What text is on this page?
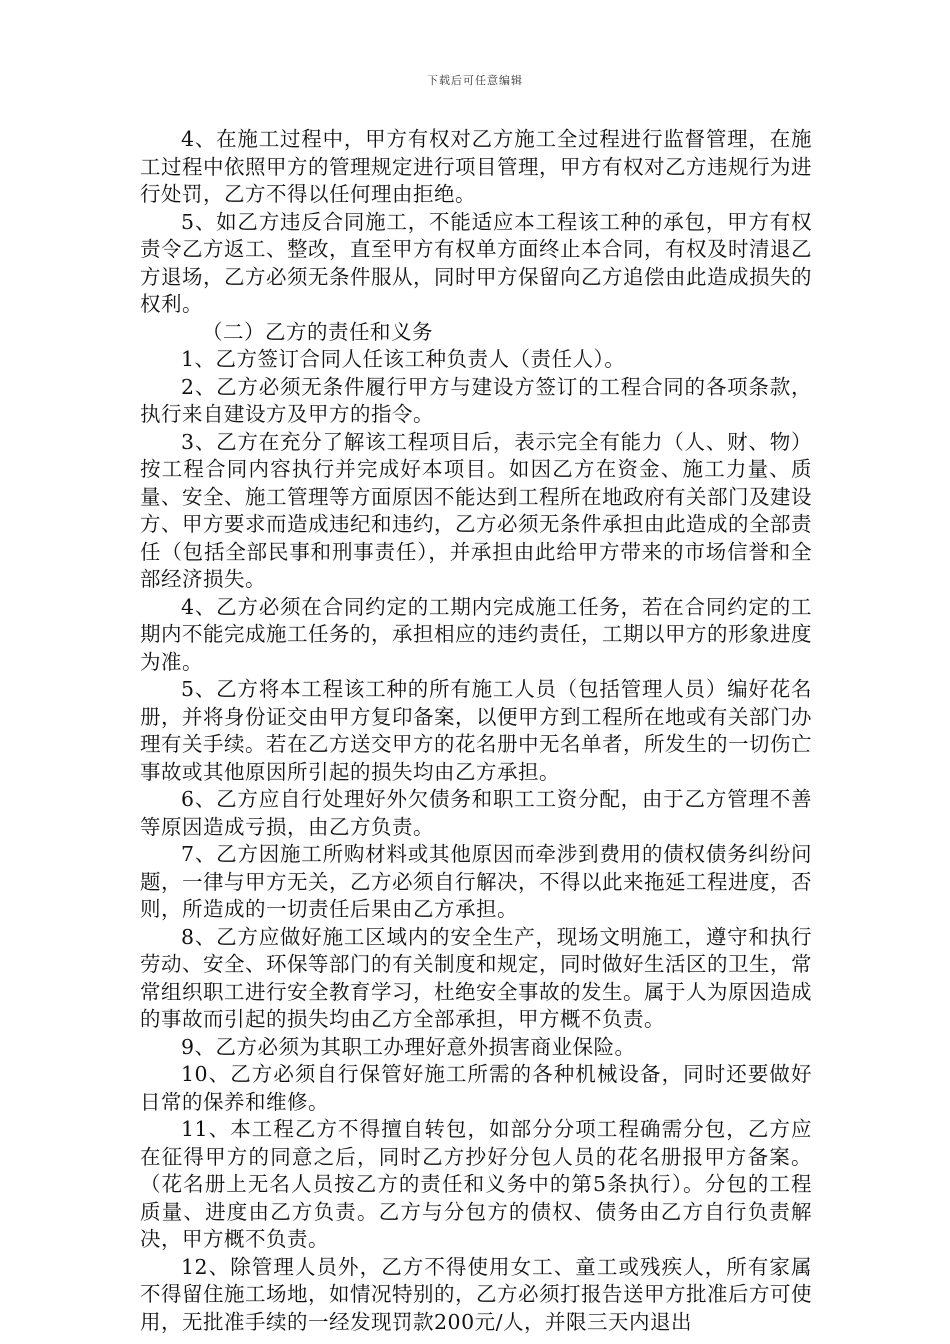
下载后可任意编辑

4、在施工过程中，甲方有权对乙方施工全过程进行监督管理，在施工过程中依照甲方的管理规定进行项目管理，甲方有权对乙方违规行为进行处罚，乙方不得以任何理由拒绝。

5、如乙方违反合同施工，不能适应本工程该工种的承包，甲方有权责令乙方返工、整改，直至甲方有权单方面终止本合同，有权及时清退乙方退场，乙方必须无条件服从，同时甲方保留向乙方追偿由此造成损失的权利。

（二）乙方的责任和义务

1、乙方签订合同人任该工种负责人（责任人）。

2、乙方必须无条件履行甲方与建设方签订的工程合同的各项条款，执行来自建设方及甲方的指令。

3、乙方在充分了解该工程项目后，表示完全有能力（人、财、物）按工程合同内容执行并完成好本项目。如因乙方在资金、施工力量、质量、安全、施工管理等方面原因不能达到工程所在地政府有关部门及建设方、甲方要求而造成违纪和违约，乙方必须无条件承担由此造成的全部责任（包括全部民事和刑事责任），并承担由此给甲方带来的市场信誉和全部经济损失。

4、乙方必须在合同约定的工期内完成施工任务，若在合同约定的工期内不能完成施工任务的，承担相应的违约责任，工期以甲方的形象进度为准。

5、乙方将本工程该工种的所有施工人员（包括管理人员）编好花名册，并将身份证交由甲方复印备案，以便甲方到工程所在地或有关部门办理有关手续。若在乙方送交甲方的花名册中无名单者，所发生的一切伤亡事故或其他原因所引起的损失均由乙方承担。

6、乙方应自行处理好外欠债务和职工工资分配，由于乙方管理不善等原因造成亏损，由乙方负责。

7、乙方因施工所购材料或其他原因而牵涉到费用的债权债务纠纷问题，一律与甲方无关，乙方必须自行解决，不得以此来拖延工程进度，否则，所造成的一切责任后果由乙方承担。

8、乙方应做好施工区域内的安全生产，现场文明施工，遵守和执行劳动、安全、环保等部门的有关制度和规定，同时做好生活区的卫生，常常组织职工进行安全教育学习，杜绝安全事故的发生。属于人为原因造成的事故而引起的损失均由乙方全部承担，甲方概不负责。

9、乙方必须为其职工办理好意外损害商业保险。

10、乙方必须自行保管好施工所需的各种机械设备，同时还要做好日常的保养和维修。

11、本工程乙方不得擅自转包，如部分分项工程确需分包，乙方应在征得甲方的同意之后，同时乙方抄好分包人员的花名册报甲方备案。（花名册上无名人员按乙方的责任和义务中的第5条执行）。分包的工程质量、进度由乙方负责。乙方与分包方的债权、债务由乙方自行负责解决，甲方概不负责。

12、除管理人员外，乙方不得使用女工、童工或残疾人，所有家属不得留住施工场地，如情况特别的，乙方必须打报告送甲方批准后方可使用，无批准手续的一经发现罚款200元/人，并限三天内退出
